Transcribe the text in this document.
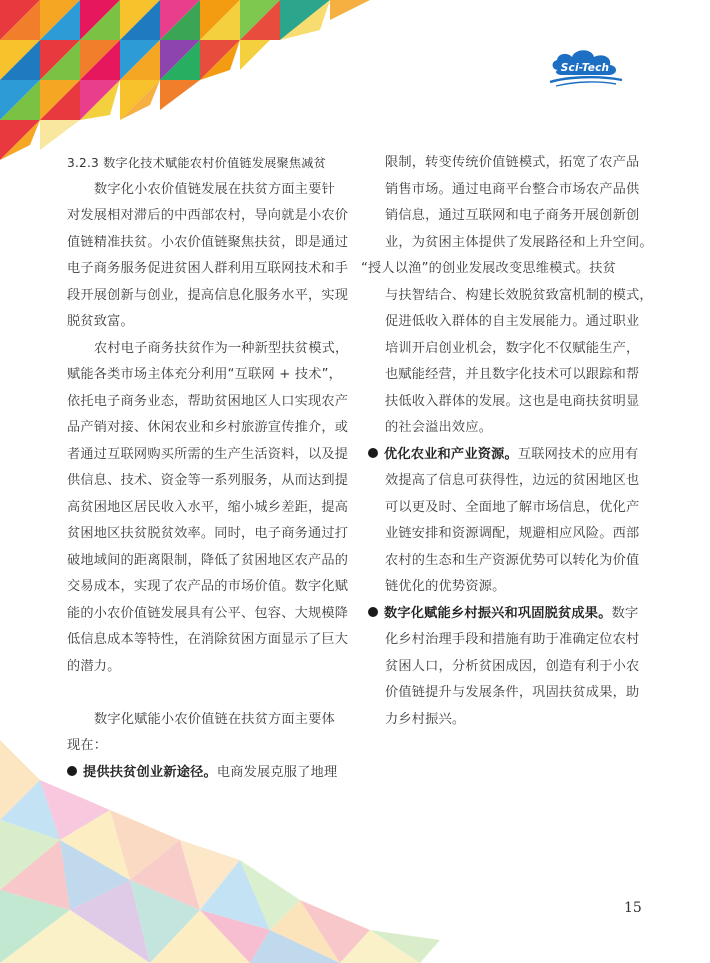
Sci-Tech
3.2.3 数字化技术赋能农村价值链发展聚焦减贫
数字化小农价值链发展在扶贫方面主要针
对发展相对滞后的中西部农村，导向就是小农价
值链精准扶贫。小农价值链聚焦扶贫，即是通过
电子商务服务促进贫困人群利用互联网技术和手
段开展创新与创业，提高信息化服务水平，实现
脱贫致富。
农村电子商务扶贫作为一种新型扶贫模式，
赋能各类市场主体充分利用“互联网 + 技术”，
依托电子商务业态，帮助贫困地区人口实现农产
品产销对接、休闲农业和乡村旅游宣传推介，或
者通过互联网购买所需的生产生活资料，以及提
供信息、技术、资金等一系列服务，从而达到提
高贫困地区居民收入水平，缩小城乡差距，提高
贫困地区扶贫脱贫效率。同时，电子商务通过打
破地域间的距离限制，降低了贫困地区农产品的
交易成本，实现了农产品的市场价值。数字化赋
能的小农价值链发展具有公平、包容、大规模降
低信息成本等特性，在消除贫困方面显示了巨大
的潜力。
数字化赋能小农价值链在扶贫方面主要体
现在：
提供扶贫创业新途径。电商发展克服了地理
限制，转变传统价值链模式，拓宽了农产品
销售市场。通过电商平台整合市场农产品供
销信息，通过互联网和电子商务开展创新创
业，为贫困主体提供了发展路径和上升空间。
“授人以渔”的创业发展改变思维模式。扶贫
与扶智结合、构建长效脱贫致富机制的模式，
促进低收入群体的自主发展能力。通过职业
培训开启创业机会，数字化不仅赋能生产，
也赋能经营，并且数字化技术可以跟踪和帮
扶低收入群体的发展。这也是电商扶贫明显
的社会溢出效应。
优化农业和产业资源。互联网技术的应用有
效提高了信息可获得性，边远的贫困地区也
可以更及时、全面地了解市场信息，优化产
业链安排和资源调配，规避相应风险。西部
农村的生态和生产资源优势可以转化为价值
链优化的优势资源。
数字化赋能乡村振兴和巩固脱贫成果。数字
化乡村治理手段和措施有助于准确定位农村
贫困人口，分析贫困成因，创造有利于小农
价值链提升与发展条件，巩固扶贫成果，助
力乡村振兴。
15
